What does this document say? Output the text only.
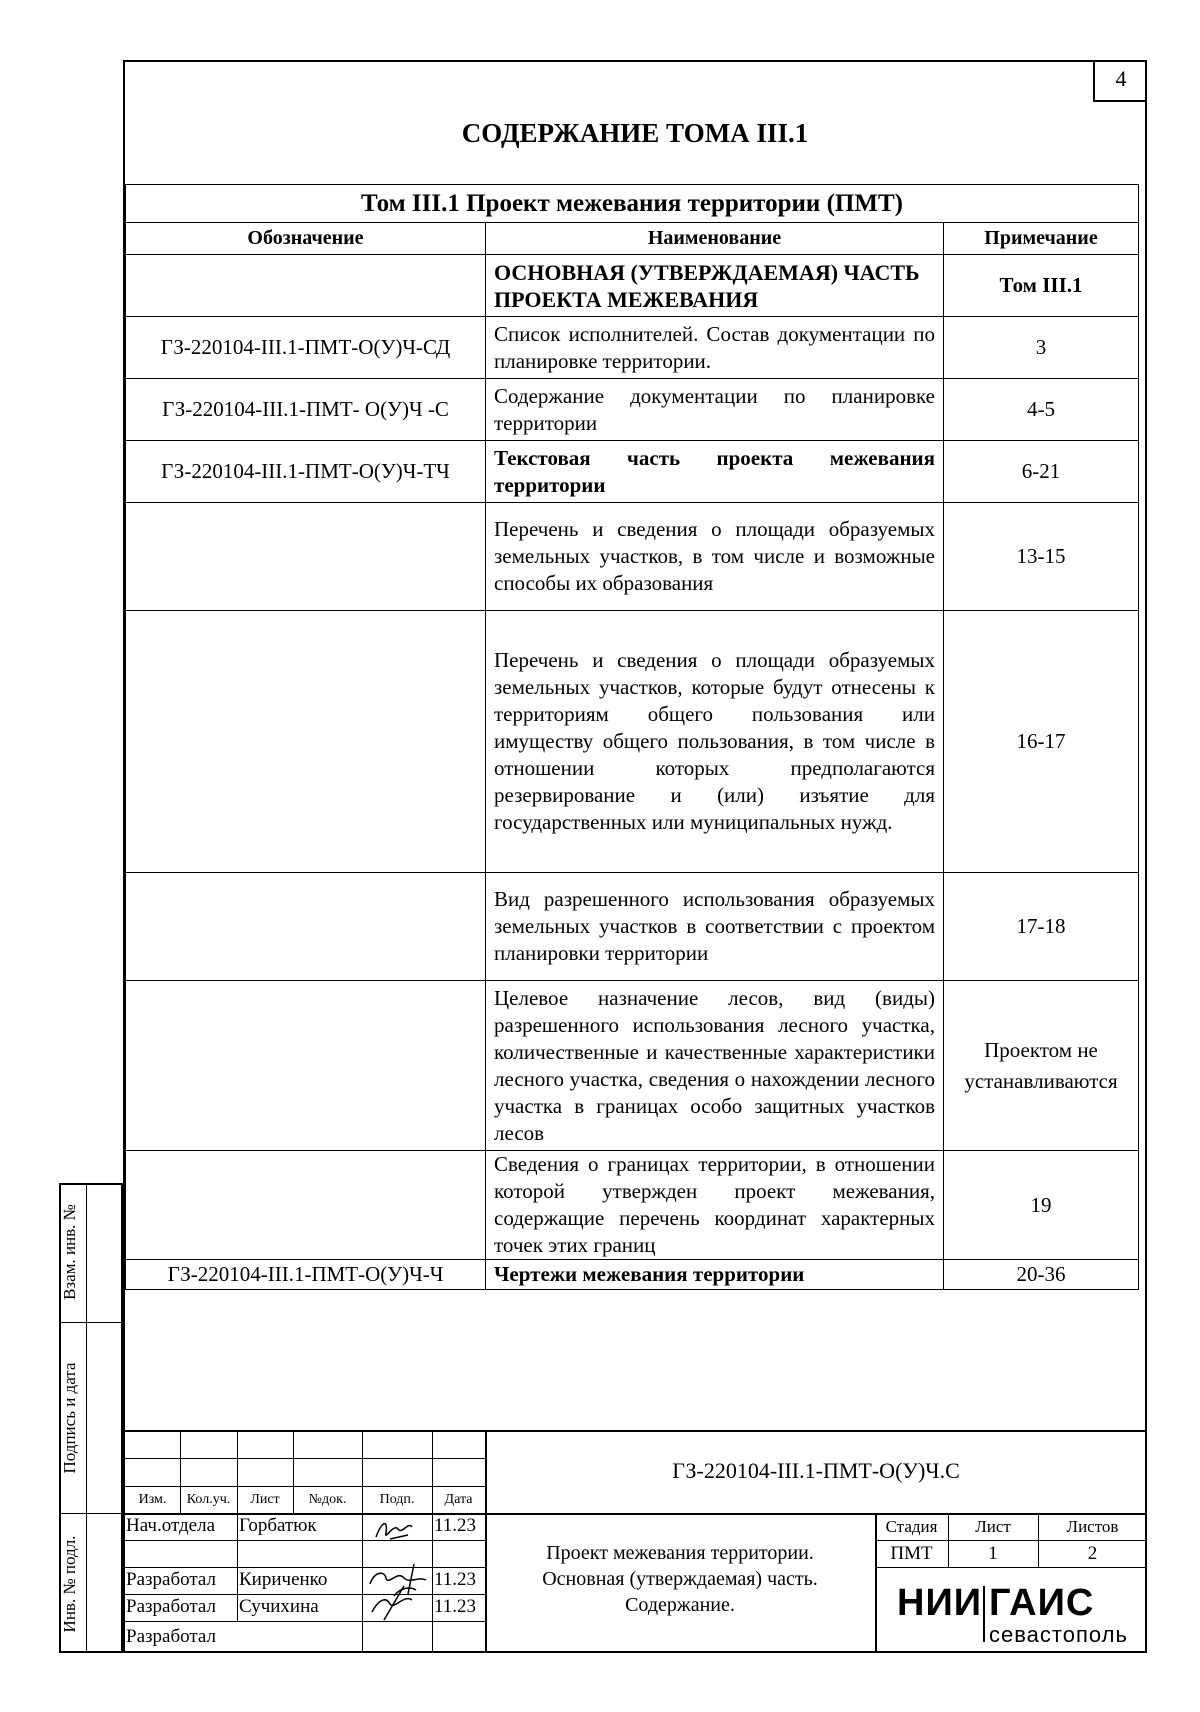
4
СОДЕРЖАНИЕ ТОМА III.1
Том III.1 Проект межевания территории (ПМТ)		
Обозначение	Наименование	Примечание
	ОСНОВНАЯ (УТВЕРЖДАЕМАЯ) ЧАСТЬ ПРОЕКТА МЕЖЕВАНИЯ	Том III.1
ГЗ-220104-III.1-ПМТ-О(У)Ч-СД	Список исполнителей. Состав документации по планировке территории.	3
ГЗ-220104-III.1-ПМТ- О(У)Ч -С	Содержание документации по планировке территории	4-5
ГЗ-220104-III.1-ПМТ-О(У)Ч-ТЧ	Текстовая часть проекта межевания территории	6-21
	Перечень и сведения о площади образуемых земельных участков, в том числе и возможные способы их образования	13-15
	Перечень и сведения о площади образуемых земельных участков, которые будут отнесены к территориям общего пользования или имуществу общего пользования, в том числе в отношении которых предполагаются резервирование и (или) изъятие для государственных или муниципальных нужд.	16-17
	Вид разрешенного использования образуемых земельных участков в соответствии с проектом планировки территории	17-18
	Целевое назначение лесов, вид (виды) разрешенного использования лесного участка, количественные и качественные характеристики лесного участка, сведения о нахождении лесного участка в границах особо защитных участков лесов	Проектом не устанавливаются
	Сведения о границах территории, в отношении которой утвержден проект межевания, содержащие перечень координат характерных точек этих границ	19
ГЗ-220104-III.1-ПМТ-О(У)Ч-Ч	Чертежи межевания территории	20-36
Взам. инв. №
Подпись и дата
Инв. № подл.
Изм.	Кол.уч.	Лист	№док.	Подп.	Дата
ГЗ-220104-III.1-ПМТ-О(У)Ч.С
Нач.отдела Горбатюк	11.23
Разработал Кириченко	11.23
Разработал Сучихина	11.23
Разработал
Проект межевания территории.
Основная (утверждаемая) часть.
Содержание.
Стадия	Лист	Листов
ПМТ	1	2
НИИ ГАИС
севастополь
